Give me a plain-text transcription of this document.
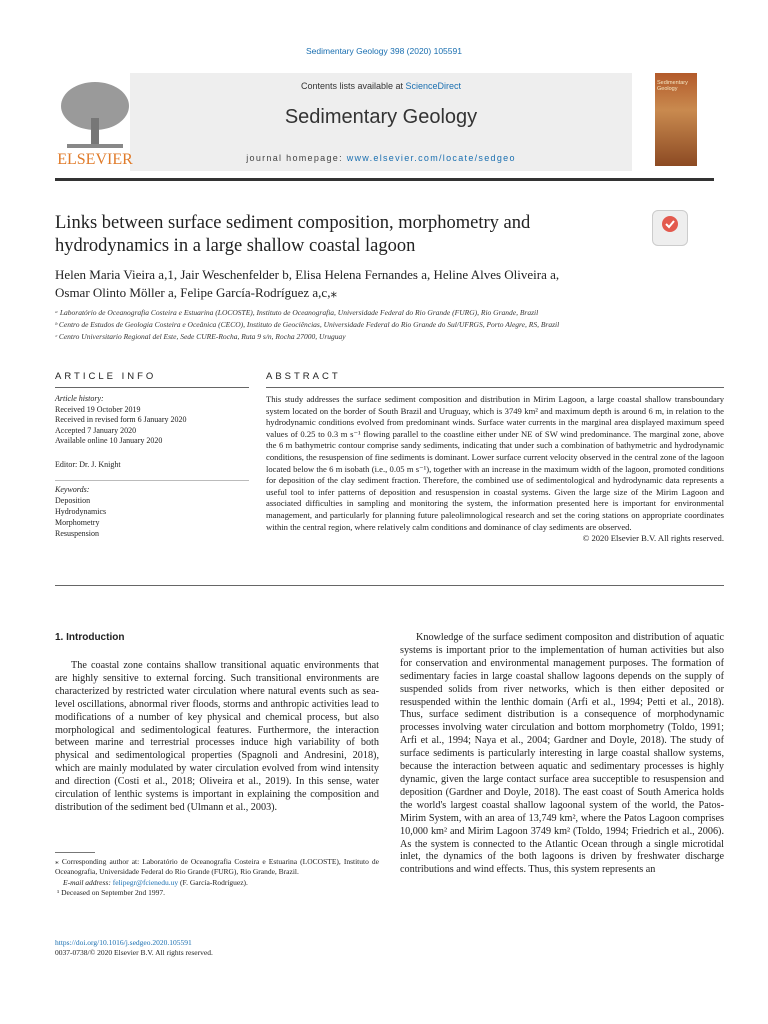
Sedimentary Geology 398 (2020) 105591
ELSEVIER
Contents lists available at ScienceDirect
Sedimentary Geology
journal homepage: www.elsevier.com/locate/sedgeo
Sedimentary Geology
Links between surface sediment composition, morphometry and hydrodynamics in a large shallow coastal lagoon
Helen Maria Vieira a,1, Jair Weschenfelder b, Elisa Helena Fernandes a, Heline Alves Oliveira a,
Osmar Olinto Möller a, Felipe García-Rodríguez a,c,⁎
ᵃ Laboratório de Oceanografia Costeira e Estuarina (LOCOSTE), Instituto de Oceanografia, Universidade Federal do Rio Grande (FURG), Rio Grande, Brazil
ᵇ Centro de Estudos de Geologia Costeira e Oceânica (CECO), Instituto de Geociências, Universidade Federal do Rio Grande do Sul/UFRGS, Porto Alegre, RS, Brazil
ᶜ Centro Universitario Regional del Este, Sede CURE-Rocha, Ruta 9 s/n, Rocha 27000, Uruguay
ARTICLE INFO	ABSTRACT
Article history:
Received 19 October 2019
Received in revised form 6 January 2020
Accepted 7 January 2020
Available online 10 January 2020
Editor: Dr. J. Knight
Keywords:
Deposition
Hydrodynamics
Morphometry
Resuspension
This study addresses the surface sediment composition and distribution in Mirim Lagoon, a large coastal shallow transboundary system located on the border of South Brazil and Uruguay, which is 3749 km² and maximum depth is around 6 m, in relation to the hydrodynamic conditions evolved from predominant winds. Surface water currents in the marginal area displayed maximum speed values of 0.25 to 0.3 m s⁻¹ flowing parallel to the coastline either under NE of SW wind predominance. The marginal zone, above the 6 m bathymetric contour comprise sandy sediments, indicating that under such a combination of bathymetric and hydrodynamic conditions, the resuspension of fine sediments is dominant. Lower surface current velocity observed in the central zone of the lagoon located below the 6 m isobath (i.e., 0.05 m s⁻¹), together with an increase in the maximum width of the lagoon, promoted conditions for deposition of the clay sediment fraction. Therefore, the combined use of sedimentological and hydrodynamic data represents a useful tool to infer patterns of deposition and resuspension in coastal systems. Given the large size of the Mirim Lagoon and associated difficulties in sampling and monitoring the system, the information presented here is important for environmental management, and particularly for planning future paleolimnological research and set the coring stations on appropriate coordinates within the central region, where relatively calm conditions and dominance of clay sediments are observed.
© 2020 Elsevier B.V. All rights reserved.
1. Introduction
The coastal zone contains shallow transitional aquatic environments that are highly sensitive to external forcing. Such transitional environments are characterized by restricted water circulation where natural events such as sea-level oscillations, abnormal river floods, storms and anthropic activities lead to modifications of a number of key physical and chemical process, but also morphological and sedimentological features. Furthermore, the interaction between marine and terrestrial processes induce high variability of both physical and sedimentological properties (Spagnoli and Andresini, 2018), which are mainly modulated by water circulation evolved from wind intensity and direction (Costi et al., 2018; Oliveira et al., 2019). In this sense, water circulation of lenthic systems is important in explaining the composition and distribution of the sediment bed (Ulmann et al., 2003).
Knowledge of the surface sediment compositon and distribution of aquatic systems is important prior to the implementation of human activities but also for conservation and environmental management purposes. The formation of sedimentary facies in large coastal shallow lagoons depends on the supply of suspended solids from river networks, which is then either deposited or resuspended within the lenthic domain (Arfi et al., 1994; Petti et al., 2018). Thus, surface sediment distribution is a consequence of morphodynamic processes involving water circulation and bottom morphometry (Toldo, 1991; Arfi et al., 1994; Naya et al., 2004; Gardner and Doyle, 2018). The study of surface sediments is particularly interesting in large coastal shallow systems, because the interaction between aquatic and sedimentary processes is highly dynamic, given the large contact surface area succeptible to resuspension and deposition (Gardner and Doyle, 2018). The east coast of South America holds the world's largest coastal shallow lagoonal system of the world, the Patos-Mirim System, with an area of 13,749 km², where the Patos Lagoon comprises 10,000 km² and Mirim Lagoon 3749 km² (Toldo, 1994; Friedrich et al., 2006). As the system is connected to the Atlantic Ocean through a single microtidal inlet, the dynamics of the both lagoons is driven by freshwater discharge contributions and wind effects. Thus, this system represents an
⁎ Corresponding author at: Laboratório de Oceanografia Costeira e Estuarina (LOCOSTE), Instituto de Oceanografia, Universidade Federal do Rio Grande (FURG), Rio Grande, Brazil.
E-mail address: felipegr@fcienedu.uy (F. García-Rodríguez).
¹ Deceased on September 2nd 1997.
https://doi.org/10.1016/j.sedgeo.2020.105591
0037-0738/© 2020 Elsevier B.V. All rights reserved.
